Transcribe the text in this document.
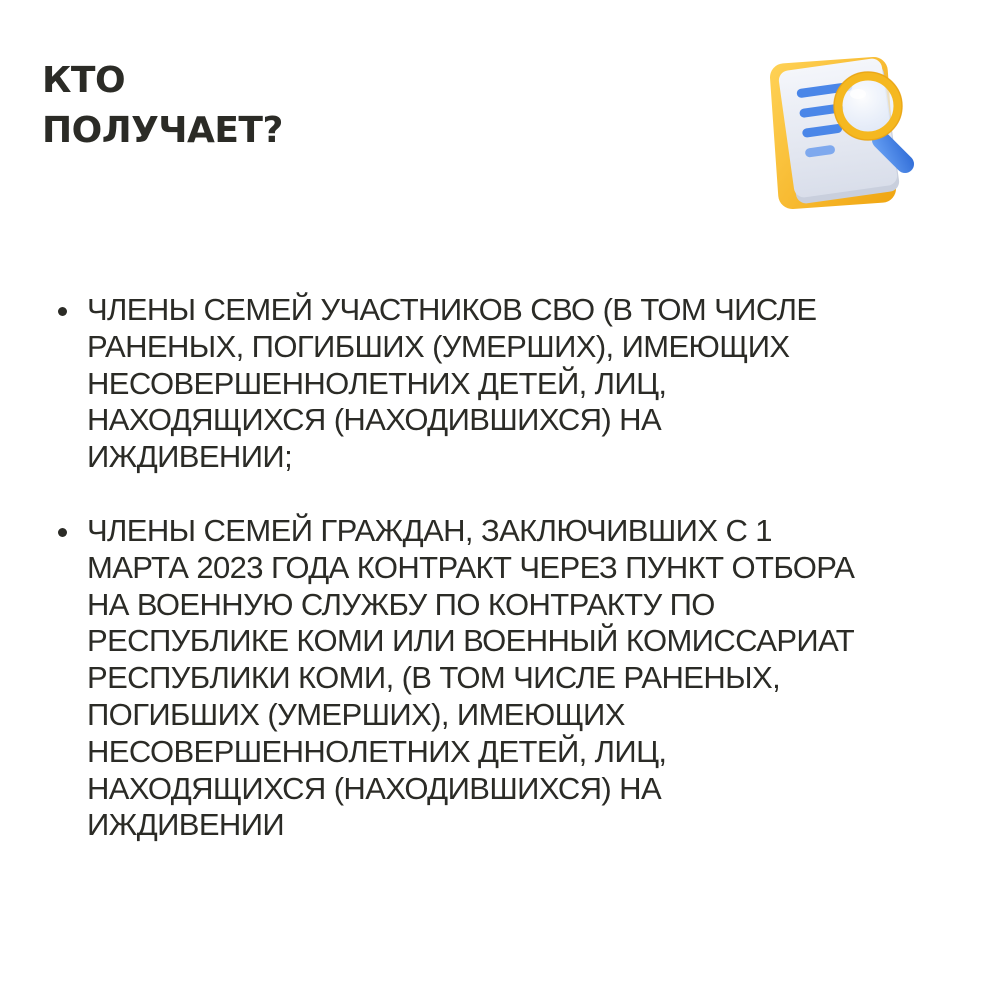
КТО
ПОЛУЧАЕТ?
ЧЛЕНЫ СЕМЕЙ УЧАСТНИКОВ СВО (В ТОМ ЧИСЛЕ
РАНЕНЫХ, ПОГИБШИХ (УМЕРШИХ), ИМЕЮЩИХ
НЕСОВЕРШЕННОЛЕТНИХ ДЕТЕЙ, ЛИЦ,
НАХОДЯЩИХСЯ (НАХОДИВШИХСЯ) НА
ИЖДИВЕНИИ;
ЧЛЕНЫ СЕМЕЙ ГРАЖДАН, ЗАКЛЮЧИВШИХ С 1
МАРТА 2023 ГОДА КОНТРАКТ ЧЕРЕЗ ПУНКТ ОТБОРА
НА ВОЕННУЮ СЛУЖБУ ПО КОНТРАКТУ ПО
РЕСПУБЛИКЕ КОМИ ИЛИ ВОЕННЫЙ КОМИССАРИАТ
РЕСПУБЛИКИ КОМИ, (В ТОМ ЧИСЛЕ РАНЕНЫХ,
ПОГИБШИХ (УМЕРШИХ), ИМЕЮЩИХ
НЕСОВЕРШЕННОЛЕТНИХ ДЕТЕЙ, ЛИЦ,
НАХОДЯЩИХСЯ (НАХОДИВШИХСЯ) НА
ИЖДИВЕНИИ
